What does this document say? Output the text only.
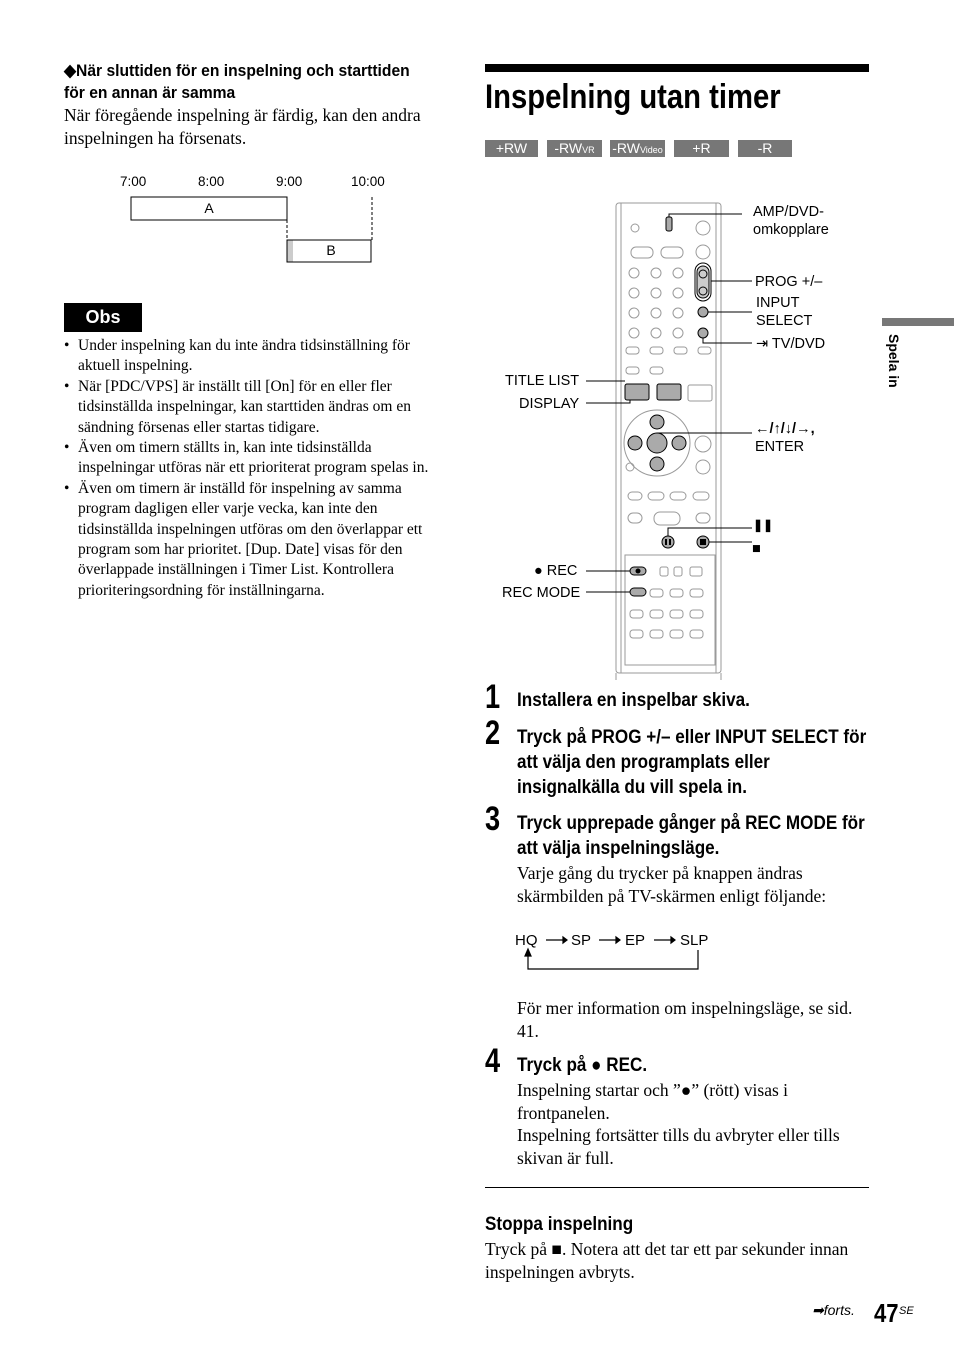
◆När sluttiden för en inspelning och starttiden för en annan är samma
När föregående inspelning är färdig, kan den andra inspelningen ha försenats.
7:00	8:00	9:00	10:00
A
B
Obs
• Under inspelning kan du inte ändra tidsinställning för aktuell inspelning.
• När [PDC/VPS] är inställt till [On] för en eller fler tidsinställda inspelningar, kan starttiden ändras om en sändning försenas eller startas tidigare.
• Även om timern ställts in, kan inte tidsinställda inspelningar utföras när ett prioriterat program spelas in.
• Även om timern är inställd för inspelning av samma program dagligen eller varje vecka, kan inte den tidsinställda inspelningen utföras om den överlappar ett program som har prioritet. [Dup. Date] visas för den överlappade inställningen i Timer List. Kontrollera prioriteringsordning för inställningarna.
Inspelning utan timer
+RW	-RWVR	-RWVideo	+R	-R
AMP/DVD-
omkopplare
PROG +/–
INPUT
SELECT
⇥ TV/DVD
TITLE LIST
DISPLAY
←/↑/↓/→,
ENTER
❚❚
■
● REC
REC MODE
1 Installera en inspelbar skiva.
2 Tryck på PROG +/– eller INPUT SELECT för att välja den programplats eller insignalkälla du vill spela in.
3 Tryck upprepade gånger på REC MODE för att välja inspelningsläge.
Varje gång du trycker på knappen ändras skärmbilden på TV-skärmen enligt följande:
HQ SP EP SLP
För mer information om inspelningsläge, se sid. 41.
4 Tryck på ● REC.
Inspelning startar och ”●” (rött) visas i frontpanelen.
Inspelning fortsätter tills du avbryter eller tills skivan är full.
Stoppa inspelning
Tryck på ■. Notera att det tar ett par sekunder innan inspelningen avbryts.
Spela in
➡forts. 47 SE
